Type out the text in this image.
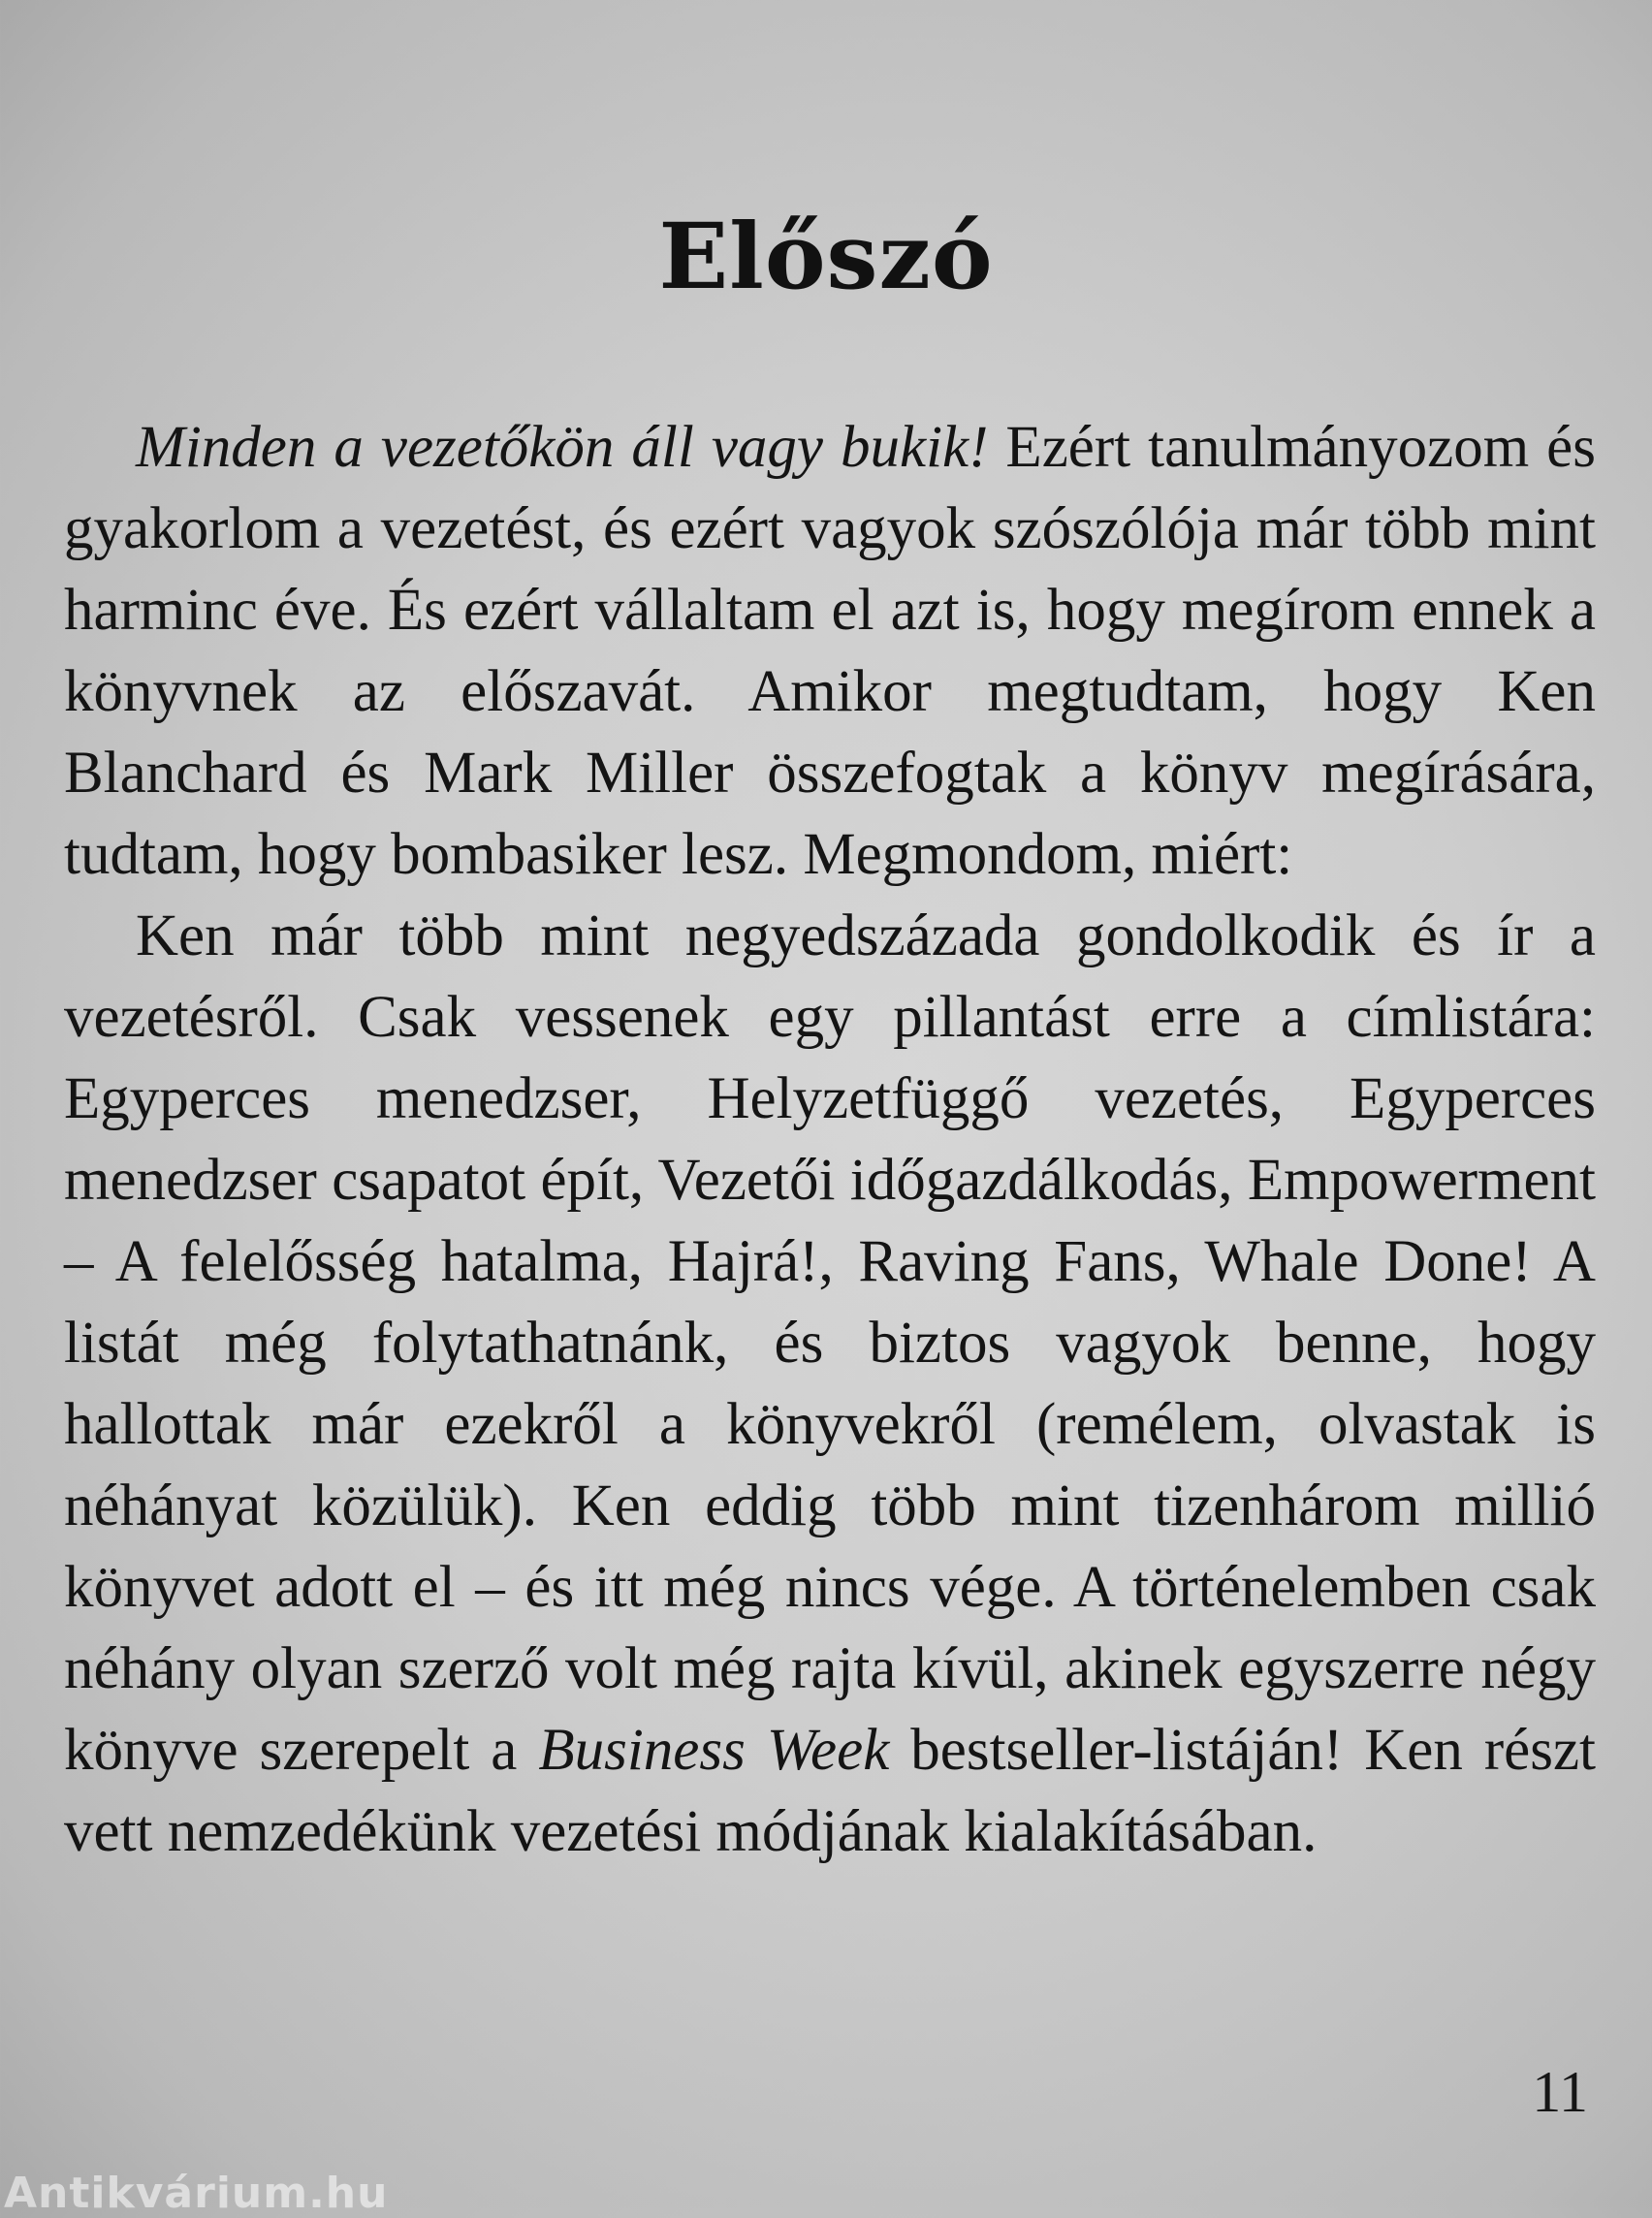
Előszó

Minden a vezetőkön áll vagy bukik! Ezért tanulmányozom és gyakorlom a vezetést, és ezért vagyok szószólója már több mint harminc éve. És ezért vállaltam el azt is, hogy megírom ennek a könyvnek az előszavát. Amikor megtudtam, hogy Ken Blanchard és Mark Miller összefogtak a könyv megírására, tudtam, hogy bombasiker lesz. Megmondom, miért:

Ken már több mint negyedszázada gondolkodik és ír a vezetésről. Csak vessenek egy pillantást erre a címlistára: Egyperces menedzser, Helyzetfüggő vezetés, Egyperces menedzser csapatot épít, Vezetői időgazdálkodás, Empowerment – A felelősség hatalma, Hajrá!, Raving Fans, Whale Done! A listát még folytathatnánk, és biztos vagyok benne, hogy hallottak már ezekről a könyvekről (remélem, olvastak is néhányat közülük). Ken eddig több mint tizenhárom millió könyvet adott el – és itt még nincs vége. A történelemben csak néhány olyan szerző volt még rajta kívül, akinek egyszerre négy könyve szerepelt a Business Week bestseller-listáján! Ken részt vett nemzedékünk vezetési módjának kialakításában.

11
Antikvárium.hu
